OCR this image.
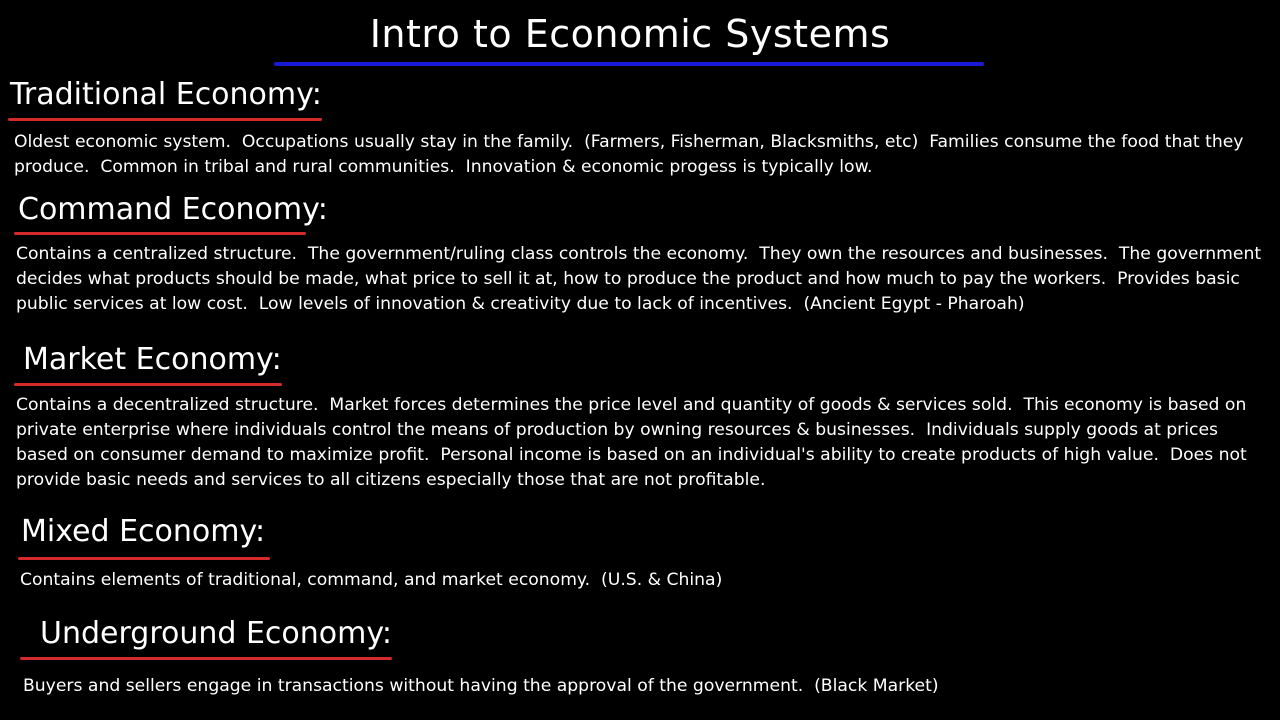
Intro to Economic Systems
Traditional Economy:
Oldest economic system.  Occupations usually stay in the family.  (Farmers, Fisherman, Blacksmiths, etc)  Families consume the food that they produce.  Common in tribal and rural communities.  Innovation & economic progess is typically low.
Command Economy:
Contains a centralized structure.  The government/ruling class controls the economy.  They own the resources and businesses.  The government decides what products should be made, what price to sell it at, how to produce the product and how much to pay the workers.  Provides basic public services at low cost.  Low levels of innovation & creativity due to lack of incentives.  (Ancient Egypt - Pharoah)
Market Economy:
Contains a decentralized structure.  Market forces determines the price level and quantity of goods & services sold.  This economy is based on private enterprise where individuals control the means of production by owning resources & businesses.  Individuals supply goods at prices based on consumer demand to maximize profit.  Personal income is based on an individual's ability to create products of high value.  Does not provide basic needs and services to all citizens especially those that are not profitable.
Mixed Economy:
Contains elements of traditional, command, and market economy.  (U.S. & China)
Underground Economy:
Buyers and sellers engage in transactions without having the approval of the government.  (Black Market)
